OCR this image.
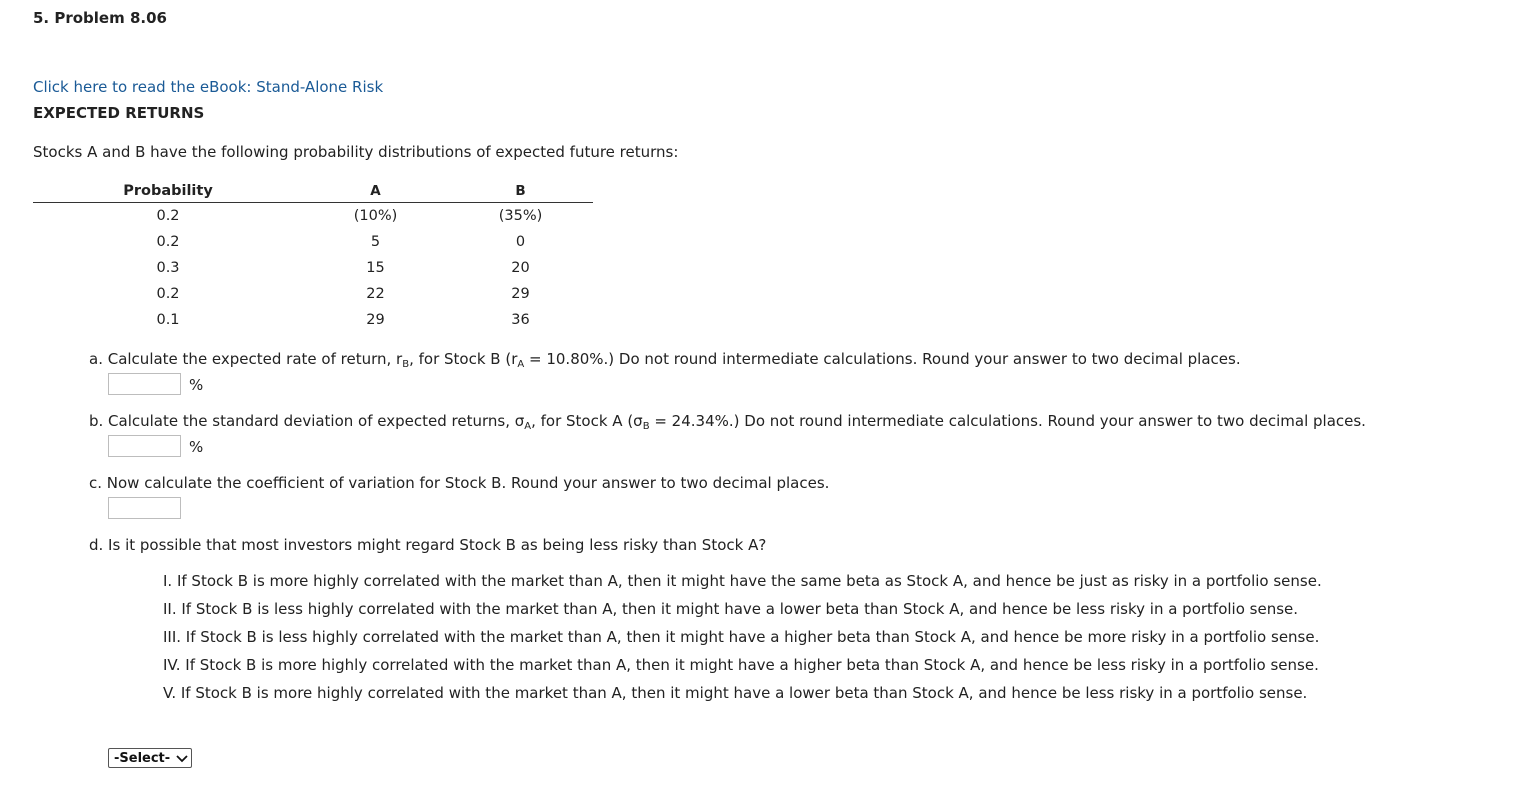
5. Problem 8.06
Click here to read the eBook: Stand-Alone Risk
EXPECTED RETURNS
Stocks A and B have the following probability distributions of expected future returns:
Probability	A	B
0.2	(10%)	(35%)
0.2	5	0
0.3	15	20
0.2	22	29
0.1	29	36
a. Calculate the expected rate of return, $r_B$, for Stock B $(r_A = 10.80\%.)$ Do not round intermediate calculations. Round your answer to two decimal places.
%
b. Calculate the standard deviation of expected returns, $\sigma_A$, for Stock A $(\sigma_B = 24.34\%.)$ Do not round intermediate calculations. Round your answer to two decimal places.
%
c. Now calculate the coefficient of variation for Stock B. Round your answer to two decimal places.
d. Is it possible that most investors might regard Stock B as being less risky than Stock A?
I. If Stock B is more highly correlated with the market than A, then it might have the same beta as Stock A, and hence be just as risky in a portfolio sense.
II. If Stock B is less highly correlated with the market than A, then it might have a lower beta than Stock A, and hence be less risky in a portfolio sense.
III. If Stock B is less highly correlated with the market than A, then it might have a higher beta than Stock A, and hence be more risky in a portfolio sense.
IV. If Stock B is more highly correlated with the market than A, then it might have a higher beta than Stock A, and hence be less risky in a portfolio sense.
V. If Stock B is more highly correlated with the market than A, then it might have a lower beta than Stock A, and hence be less risky in a portfolio sense.
-Select-
